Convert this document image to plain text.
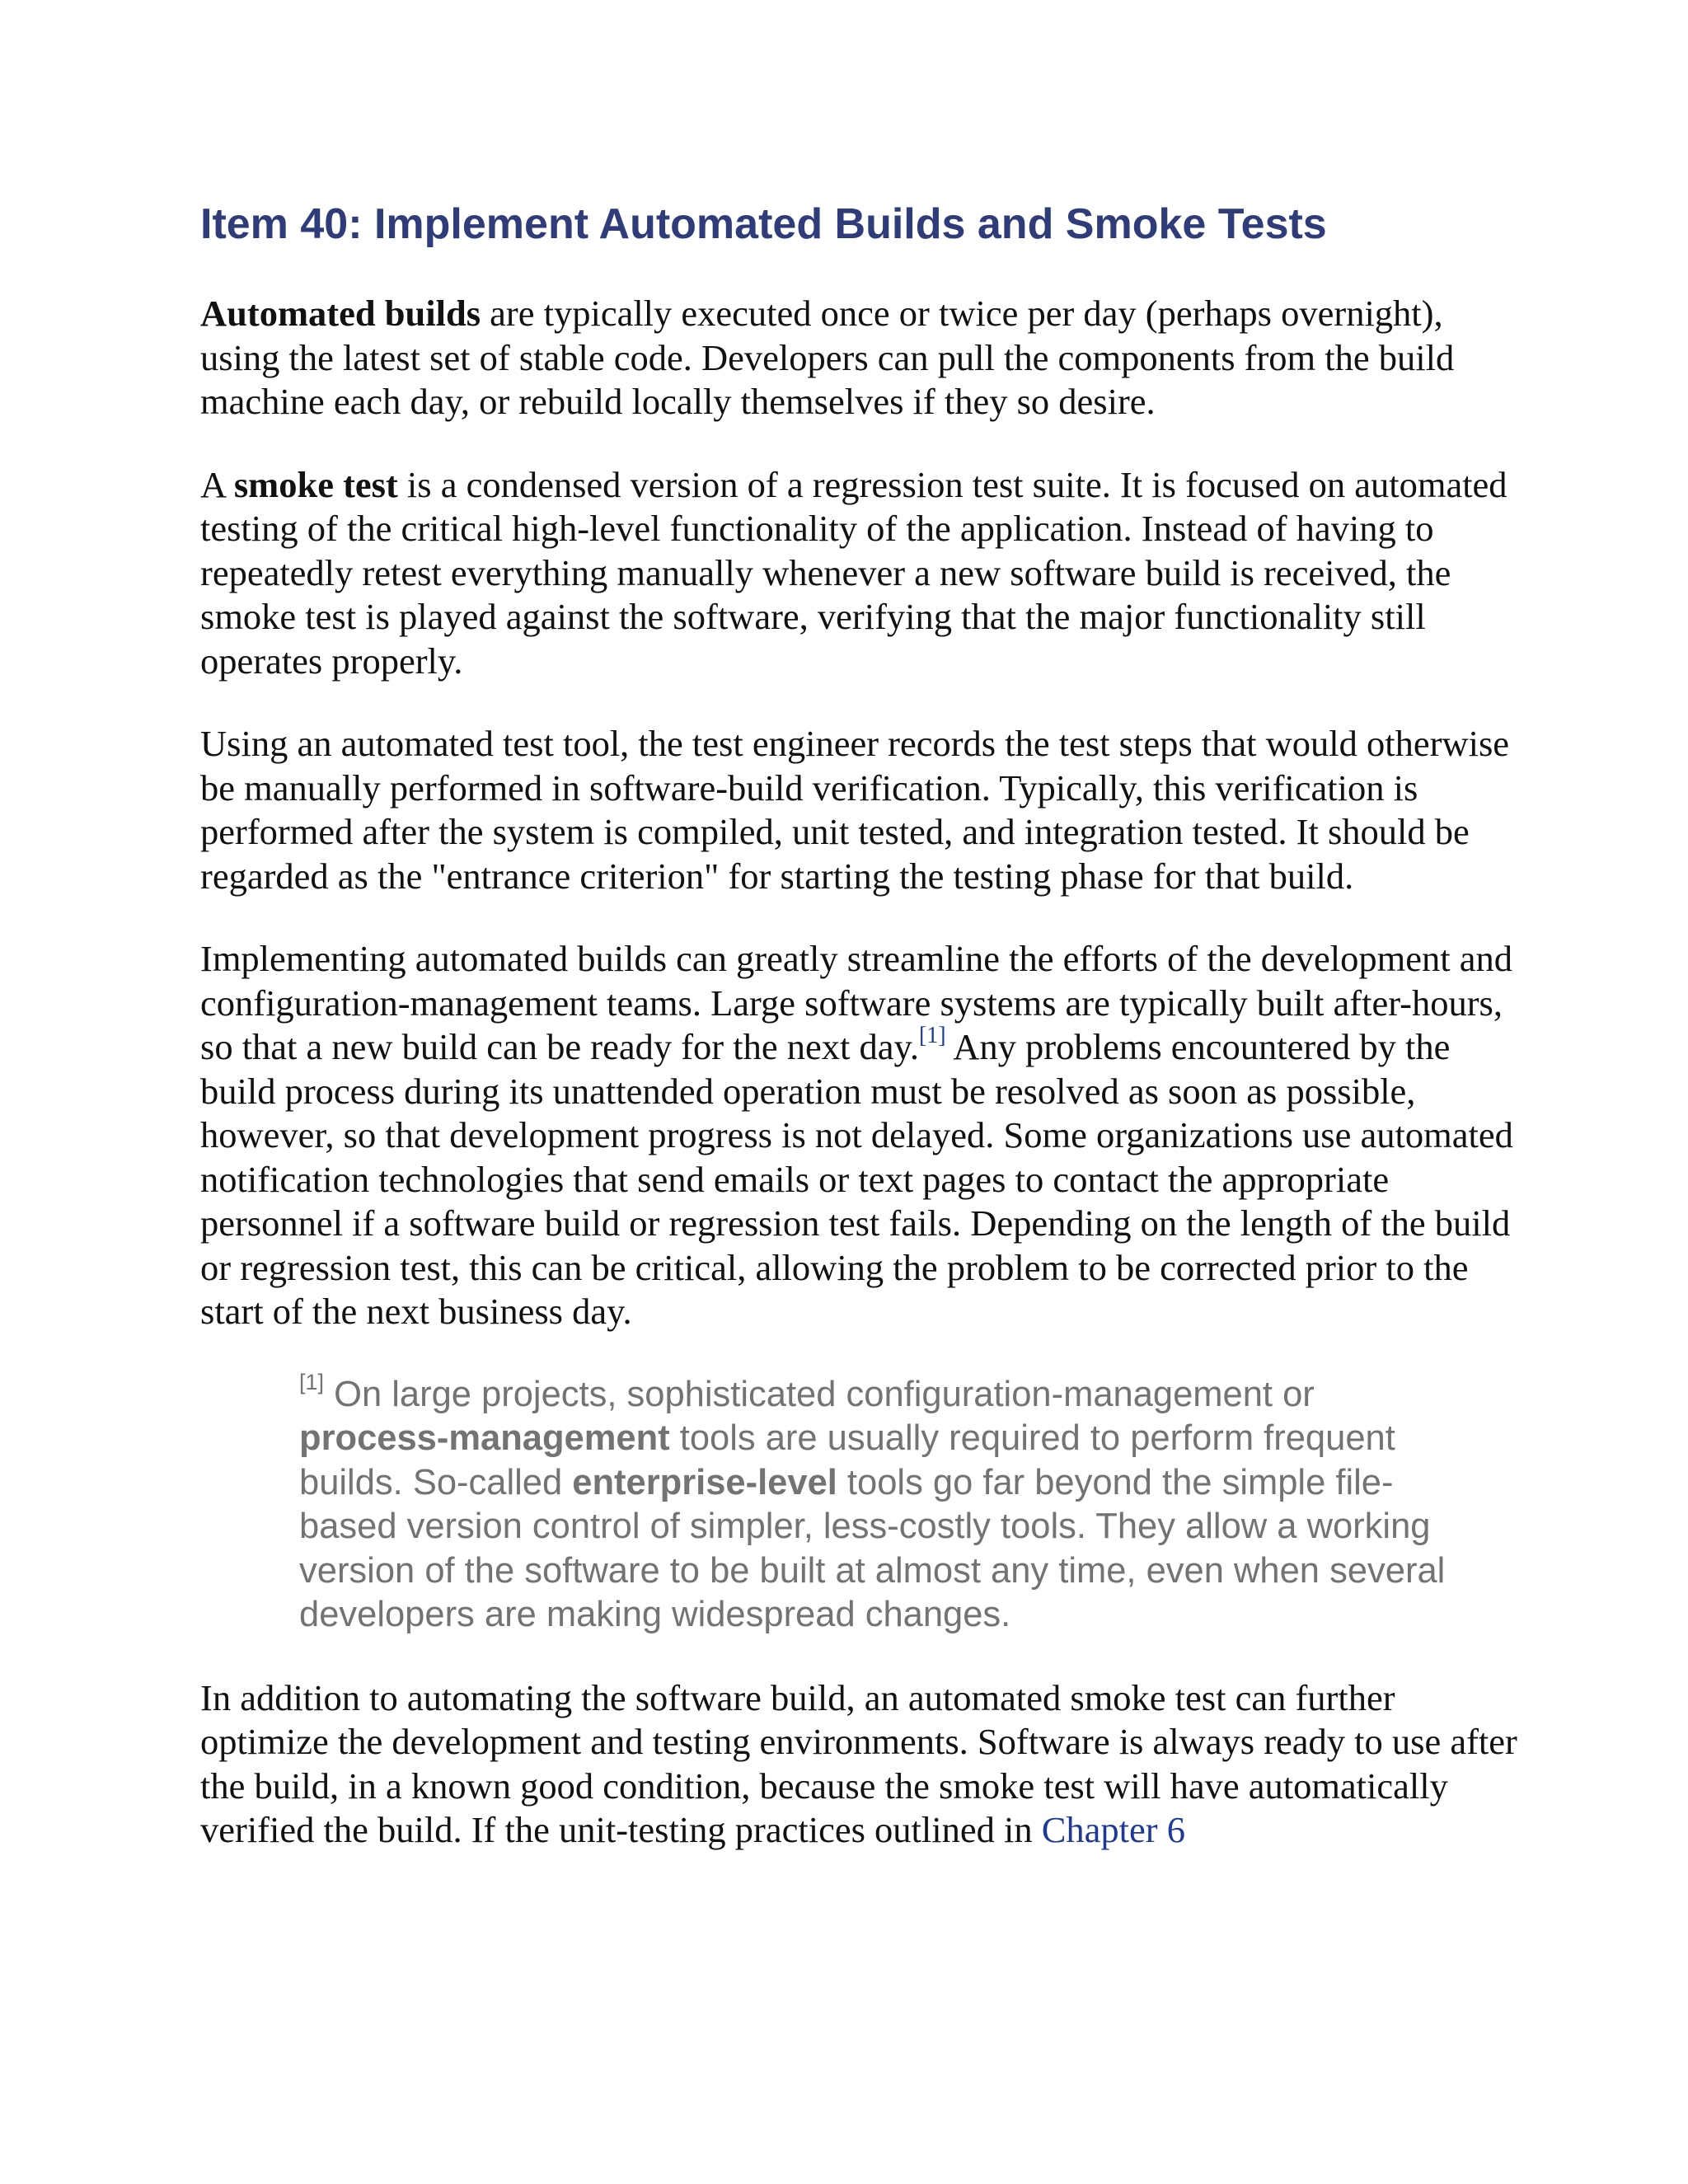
Item 40: Implement Automated Builds and Smoke Tests

Automated builds are typically executed once or twice per day (perhaps overnight), using the latest set of stable code. Developers can pull the components from the build machine each day, or rebuild locally themselves if they so desire.

A smoke test is a condensed version of a regression test suite. It is focused on automated testing of the critical high-level functionality of the application. Instead of having to repeatedly retest everything manually whenever a new software build is received, the smoke test is played against the software, verifying that the major functionality still operates properly.

Using an automated test tool, the test engineer records the test steps that would otherwise be manually performed in software-build verification. Typically, this verification is performed after the system is compiled, unit tested, and integration tested. It should be regarded as the "entrance criterion" for starting the testing phase for that build.

Implementing automated builds can greatly streamline the efforts of the development and configuration-management teams. Large software systems are typically built after-hours, so that a new build can be ready for the next day.[1] Any problems encountered by the build process during its unattended operation must be resolved as soon as possible, however, so that development progress is not delayed. Some organizations use automated notification technologies that send emails or text pages to contact the appropriate personnel if a software build or regression test fails. Depending on the length of the build or regression test, this can be critical, allowing the problem to be corrected prior to the start of the next business day.

[1] On large projects, sophisticated configuration-management or process-management tools are usually required to perform frequent builds. So-called enterprise-level tools go far beyond the simple file-based version control of simpler, less-costly tools. They allow a working version of the software to be built at almost any time, even when several developers are making widespread changes.

In addition to automating the software build, an automated smoke test can further optimize the development and testing environments. Software is always ready to use after the build, in a known good condition, because the smoke test will have automatically verified the build. If the unit-testing practices outlined in Chapter 6
